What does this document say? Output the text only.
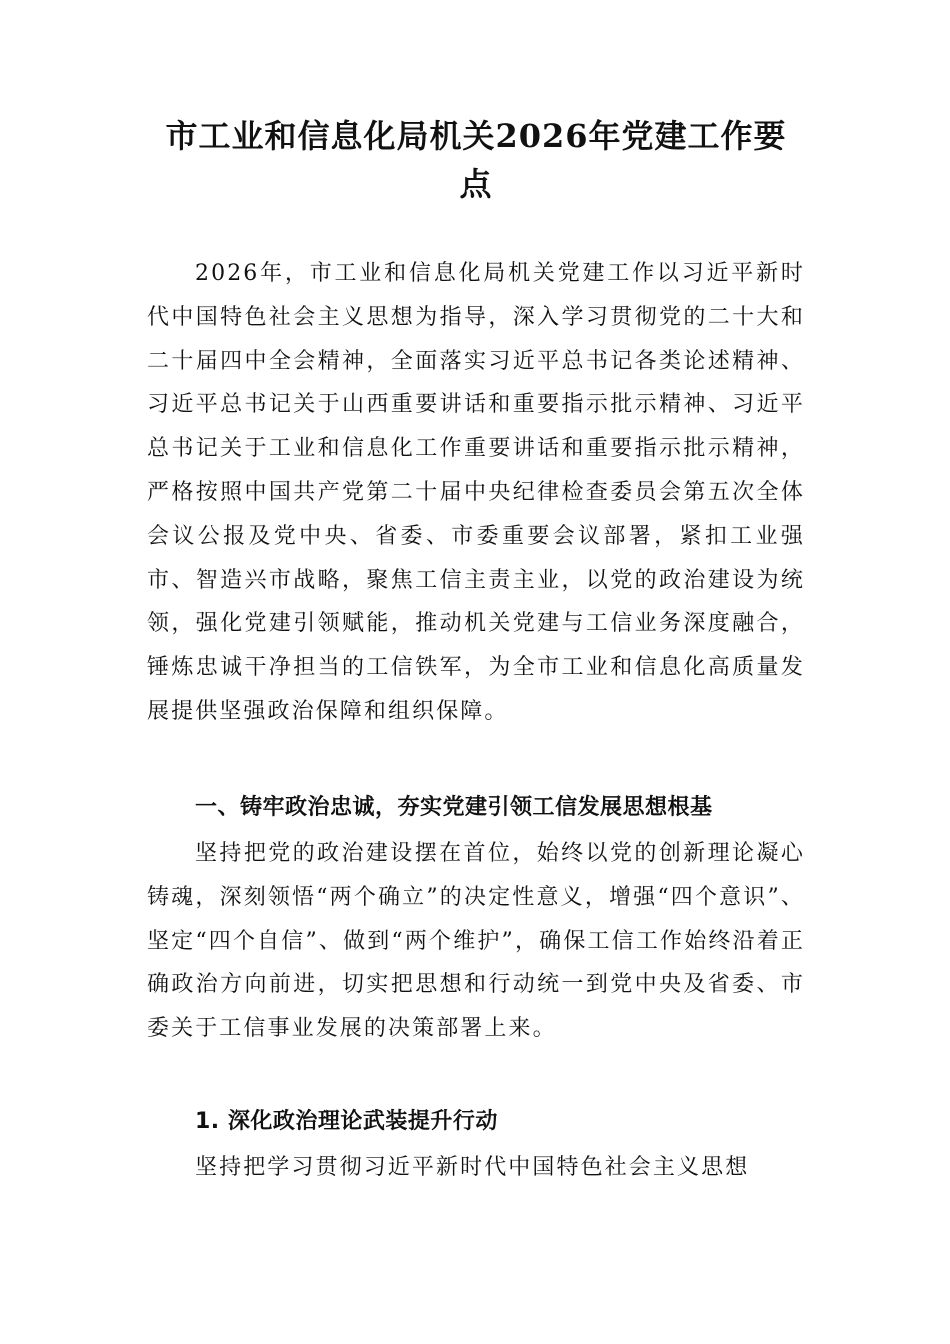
市工业和信息化局机关2026年党建工作要点

2026年，市工业和信息化局机关党建工作以习近平新时代中国特色社会主义思想为指导，深入学习贯彻党的二十大和二十届四中全会精神，全面落实习近平总书记各类论述精神、习近平总书记关于山西重要讲话和重要指示批示精神、习近平总书记关于工业和信息化工作重要讲话和重要指示批示精神，严格按照中国共产党第二十届中央纪律检查委员会第五次全体会议公报及党中央、省委、市委重要会议部署，紧扣工业强市、智造兴市战略，聚焦工信主责主业，以党的政治建设为统领，强化党建引领赋能，推动机关党建与工信业务深度融合，锤炼忠诚干净担当的工信铁军，为全市工业和信息化高质量发展提供坚强政治保障和组织保障。

一、铸牢政治忠诚，夯实党建引领工信发展思想根基

坚持把党的政治建设摆在首位，始终以党的创新理论凝心铸魂，深刻领悟“两个确立”的决定性意义，增强“四个意识”、坚定“四个自信”、做到“两个维护”，确保工信工作始终沿着正确政治方向前进，切实把思想和行动统一到党中央及省委、市委关于工信事业发展的决策部署上来。

1. 深化政治理论武装提升行动

坚持把学习贯彻习近平新时代中国特色社会主义思想
